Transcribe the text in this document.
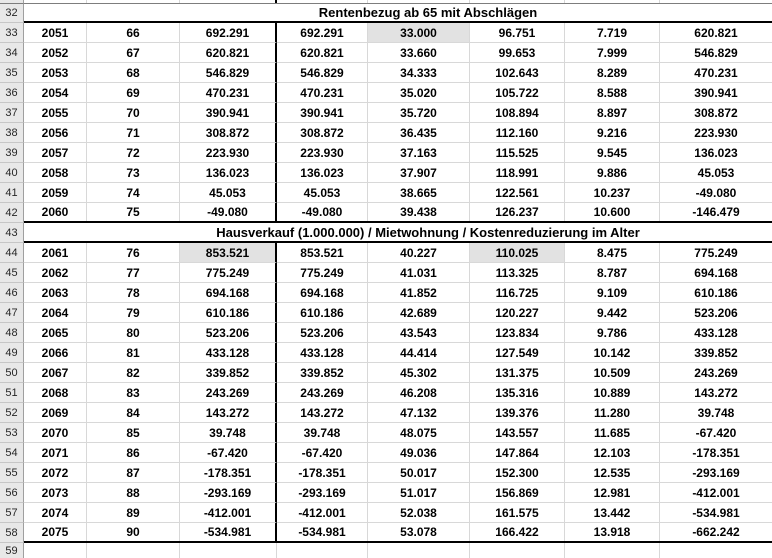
32	Rentenbezug ab 65 mit Abschlägen
33	2051	66	692.291	692.291	33.000	96.751	7.719	620.821
34	2052	67	620.821	620.821	33.660	99.653	7.999	546.829
35	2053	68	546.829	546.829	34.333	102.643	8.289	470.231
36	2054	69	470.231	470.231	35.020	105.722	8.588	390.941
37	2055	70	390.941	390.941	35.720	108.894	8.897	308.872
38	2056	71	308.872	308.872	36.435	112.160	9.216	223.930
39	2057	72	223.930	223.930	37.163	115.525	9.545	136.023
40	2058	73	136.023	136.023	37.907	118.991	9.886	45.053
41	2059	74	45.053	45.053	38.665	122.561	10.237	-49.080
42	2060	75	-49.080	-49.080	39.438	126.237	10.600	-146.479
43	Hausverkauf (1.000.000) / Mietwohnung / Kostenreduzierung im Alter
44	2061	76	853.521	853.521	40.227	110.025	8.475	775.249
45	2062	77	775.249	775.249	41.031	113.325	8.787	694.168
46	2063	78	694.168	694.168	41.852	116.725	9.109	610.186
47	2064	79	610.186	610.186	42.689	120.227	9.442	523.206
48	2065	80	523.206	523.206	43.543	123.834	9.786	433.128
49	2066	81	433.128	433.128	44.414	127.549	10.142	339.852
50	2067	82	339.852	339.852	45.302	131.375	10.509	243.269
51	2068	83	243.269	243.269	46.208	135.316	10.889	143.272
52	2069	84	143.272	143.272	47.132	139.376	11.280	39.748
53	2070	85	39.748	39.748	48.075	143.557	11.685	-67.420
54	2071	86	-67.420	-67.420	49.036	147.864	12.103	-178.351
55	2072	87	-178.351	-178.351	50.017	152.300	12.535	-293.169
56	2073	88	-293.169	-293.169	51.017	156.869	12.981	-412.001
57	2074	89	-412.001	-412.001	52.038	161.575	13.442	-534.981
58	2075	90	-534.981	-534.981	53.078	166.422	13.918	-662.242
59
